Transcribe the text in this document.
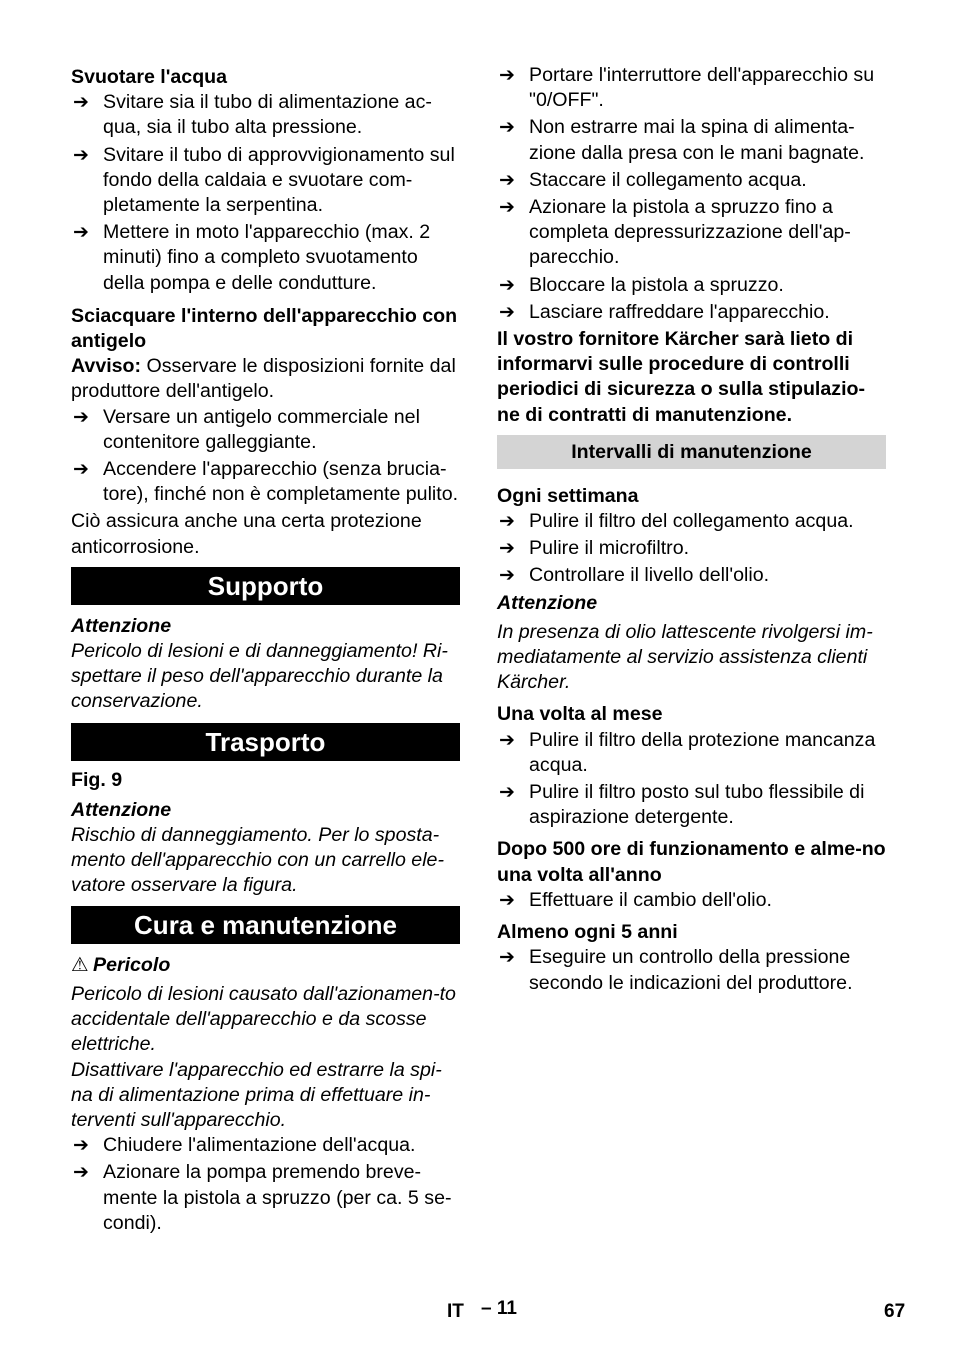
Svuotare l'acqua

➔ Svitare sia il tubo di alimentazione ac-qua, sia il tubo alta pressione.
➔ Svitare il tubo di approvvigionamento sul fondo della caldaia e svuotare com-pletamente la serpentina.
➔ Mettere in moto l'apparecchio (max. 2 minuti) fino a completo svuotamento della pompa e delle condutture.

Sciacquare l'interno dell'apparecchio con antigelo

Avviso: Osservare le disposizioni fornite dal produttore dell'antigelo.

➔ Versare un antigelo commerciale nel contenitore galleggiante.
➔ Accendere l'apparecchio (senza brucia-tore), finché non è completamente pulito.

Ciò assicura anche una certa protezione anticorrosione.

Supporto

Attenzione

Pericolo di lesioni e di danneggiamento! Ri-spettare il peso dell'apparecchio durante la conservazione.

Trasporto

Fig. 9

Attenzione

Rischio di danneggiamento. Per lo sposta-mento dell'apparecchio con un carrello ele-vatore osservare la figura.

Cura e manutenzione

⚠ Pericolo

Pericolo di lesioni causato dall'azionamen-to accidentale dell'apparecchio e da scosse elettriche.

Disattivare l'apparecchio ed estrarre la spi-na di alimentazione prima di effettuare in-terventi sull'apparecchio.

➔ Chiudere l'alimentazione dell'acqua.
➔ Azionare la pompa premendo breve-mente la pistola a spruzzo (per ca. 5 se-condi).
➔ Portare l'interruttore dell'apparecchio su "0/OFF".
➔ Non estrarre mai la spina di alimenta-zione dalla presa con le mani bagnate.
➔ Staccare il collegamento acqua.
➔ Azionare la pistola a spruzzo fino a completa depressurizzazione dell'ap-parecchio.
➔ Bloccare la pistola a spruzzo.
➔ Lasciare raffreddare l'apparecchio.

Il vostro fornitore Kärcher sarà lieto di informarvi sulle procedure di controlli periodici di sicurezza o sulla stipulazio-ne di contratti di manutenzione.

Intervalli di manutenzione

Ogni settimana

➔ Pulire il filtro del collegamento acqua.
➔ Pulire il microfiltro.
➔ Controllare il livello dell'olio.

Attenzione

In presenza di olio lattescente rivolgersi im-mediatamente al servizio assistenza clienti Kärcher.

Una volta al mese

➔ Pulire il filtro della protezione mancanza acqua.
➔ Pulire il filtro posto sul tubo flessibile di aspirazione detergente.

Dopo 500 ore di funzionamento e alme-no una volta all'anno

➔ Effettuare il cambio dell'olio.

Almeno ogni 5 anni

➔ Eseguire un controllo della pressione secondo le indicazioni del produttore.
IT – 11	67
